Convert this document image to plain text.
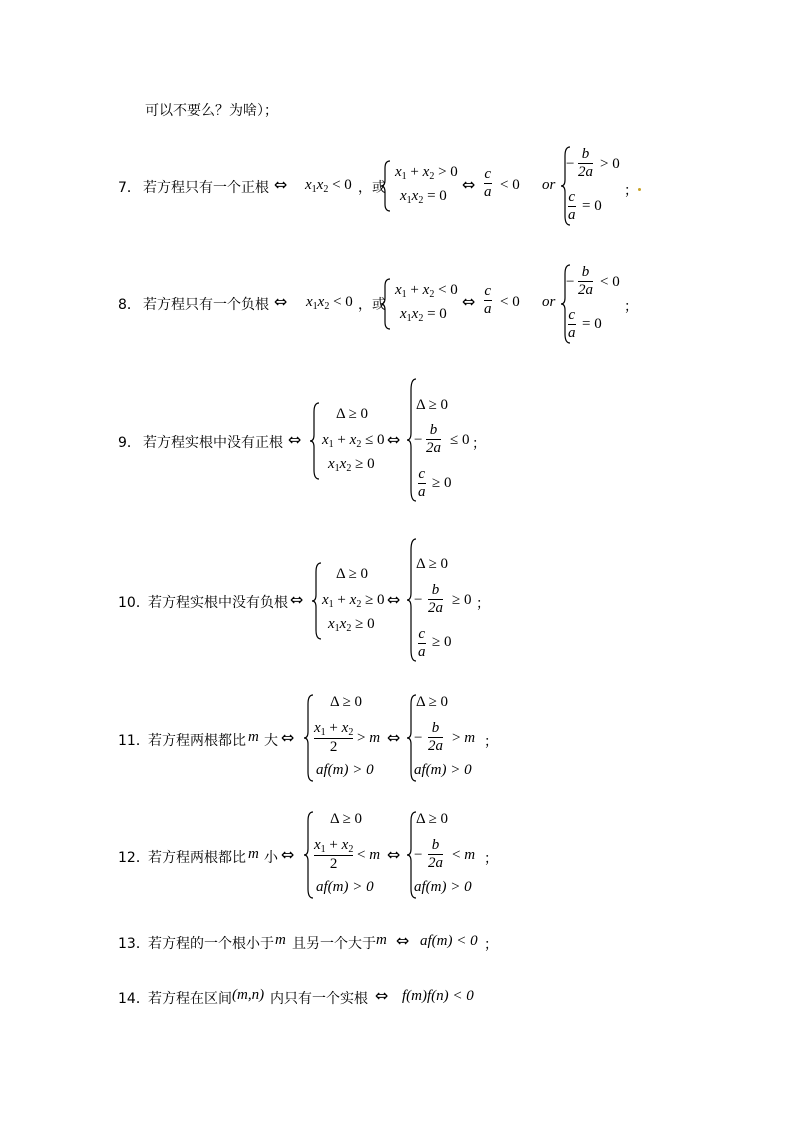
可以不要么？为啥）；
7． 若方程只有一个正根 ⇔ $x_1x_2 < 0$ ，或
$x_1 + x_2 > 0$
$x_1x_2 = 0$
⇔
c
a < 0 or
−
b
2a > 0
c
a
= 0
；
8． 若方程只有一个负根 ⇔ $x_1x_2 < 0$ ，或
$x_1 + x_2 < 0$
$x_1x_2 = 0$
⇔
c
a < 0 or
−
b
2a < 0
c
a
= 0
；
9． 若方程实根中没有正根 ⇔
Δ ≥ 0
$x_1 + x_2 \le 0$
$x_1x_2 \ge 0$
⇔
Δ ≥ 0
−
b
2a ≤ 0
c
a
≥ 0
；
10．
若方程实根中没有负根 ⇔
Δ ≥ 0
$x_1 + x_2 \ge 0$
$x_1x_2 \ge 0$
⇔
Δ ≥ 0
−
b
2a ≥ 0
c
a
≥ 0
；
11．
若方程两根都比 m 大 ⇔
Δ ≥ 0
$x_1 + x_2$
2
> m
af(m) > 0
⇔
Δ ≥ 0
−
b
2a > m
af(m) > 0
；
12．
若方程两根都比 m 小 ⇔
Δ ≥ 0
$x_1 + x_2$
2
< m
af(m) > 0
⇔
Δ ≥ 0
−
b
2a < m
af(m) > 0
；
13．
若方程的一个根小于 m 且另一个大于 m ⇔ af(m) < 0 ；
14．
若方程在区间 (m,n) 内只有一个实根 ⇔ f(m)f(n) < 0
